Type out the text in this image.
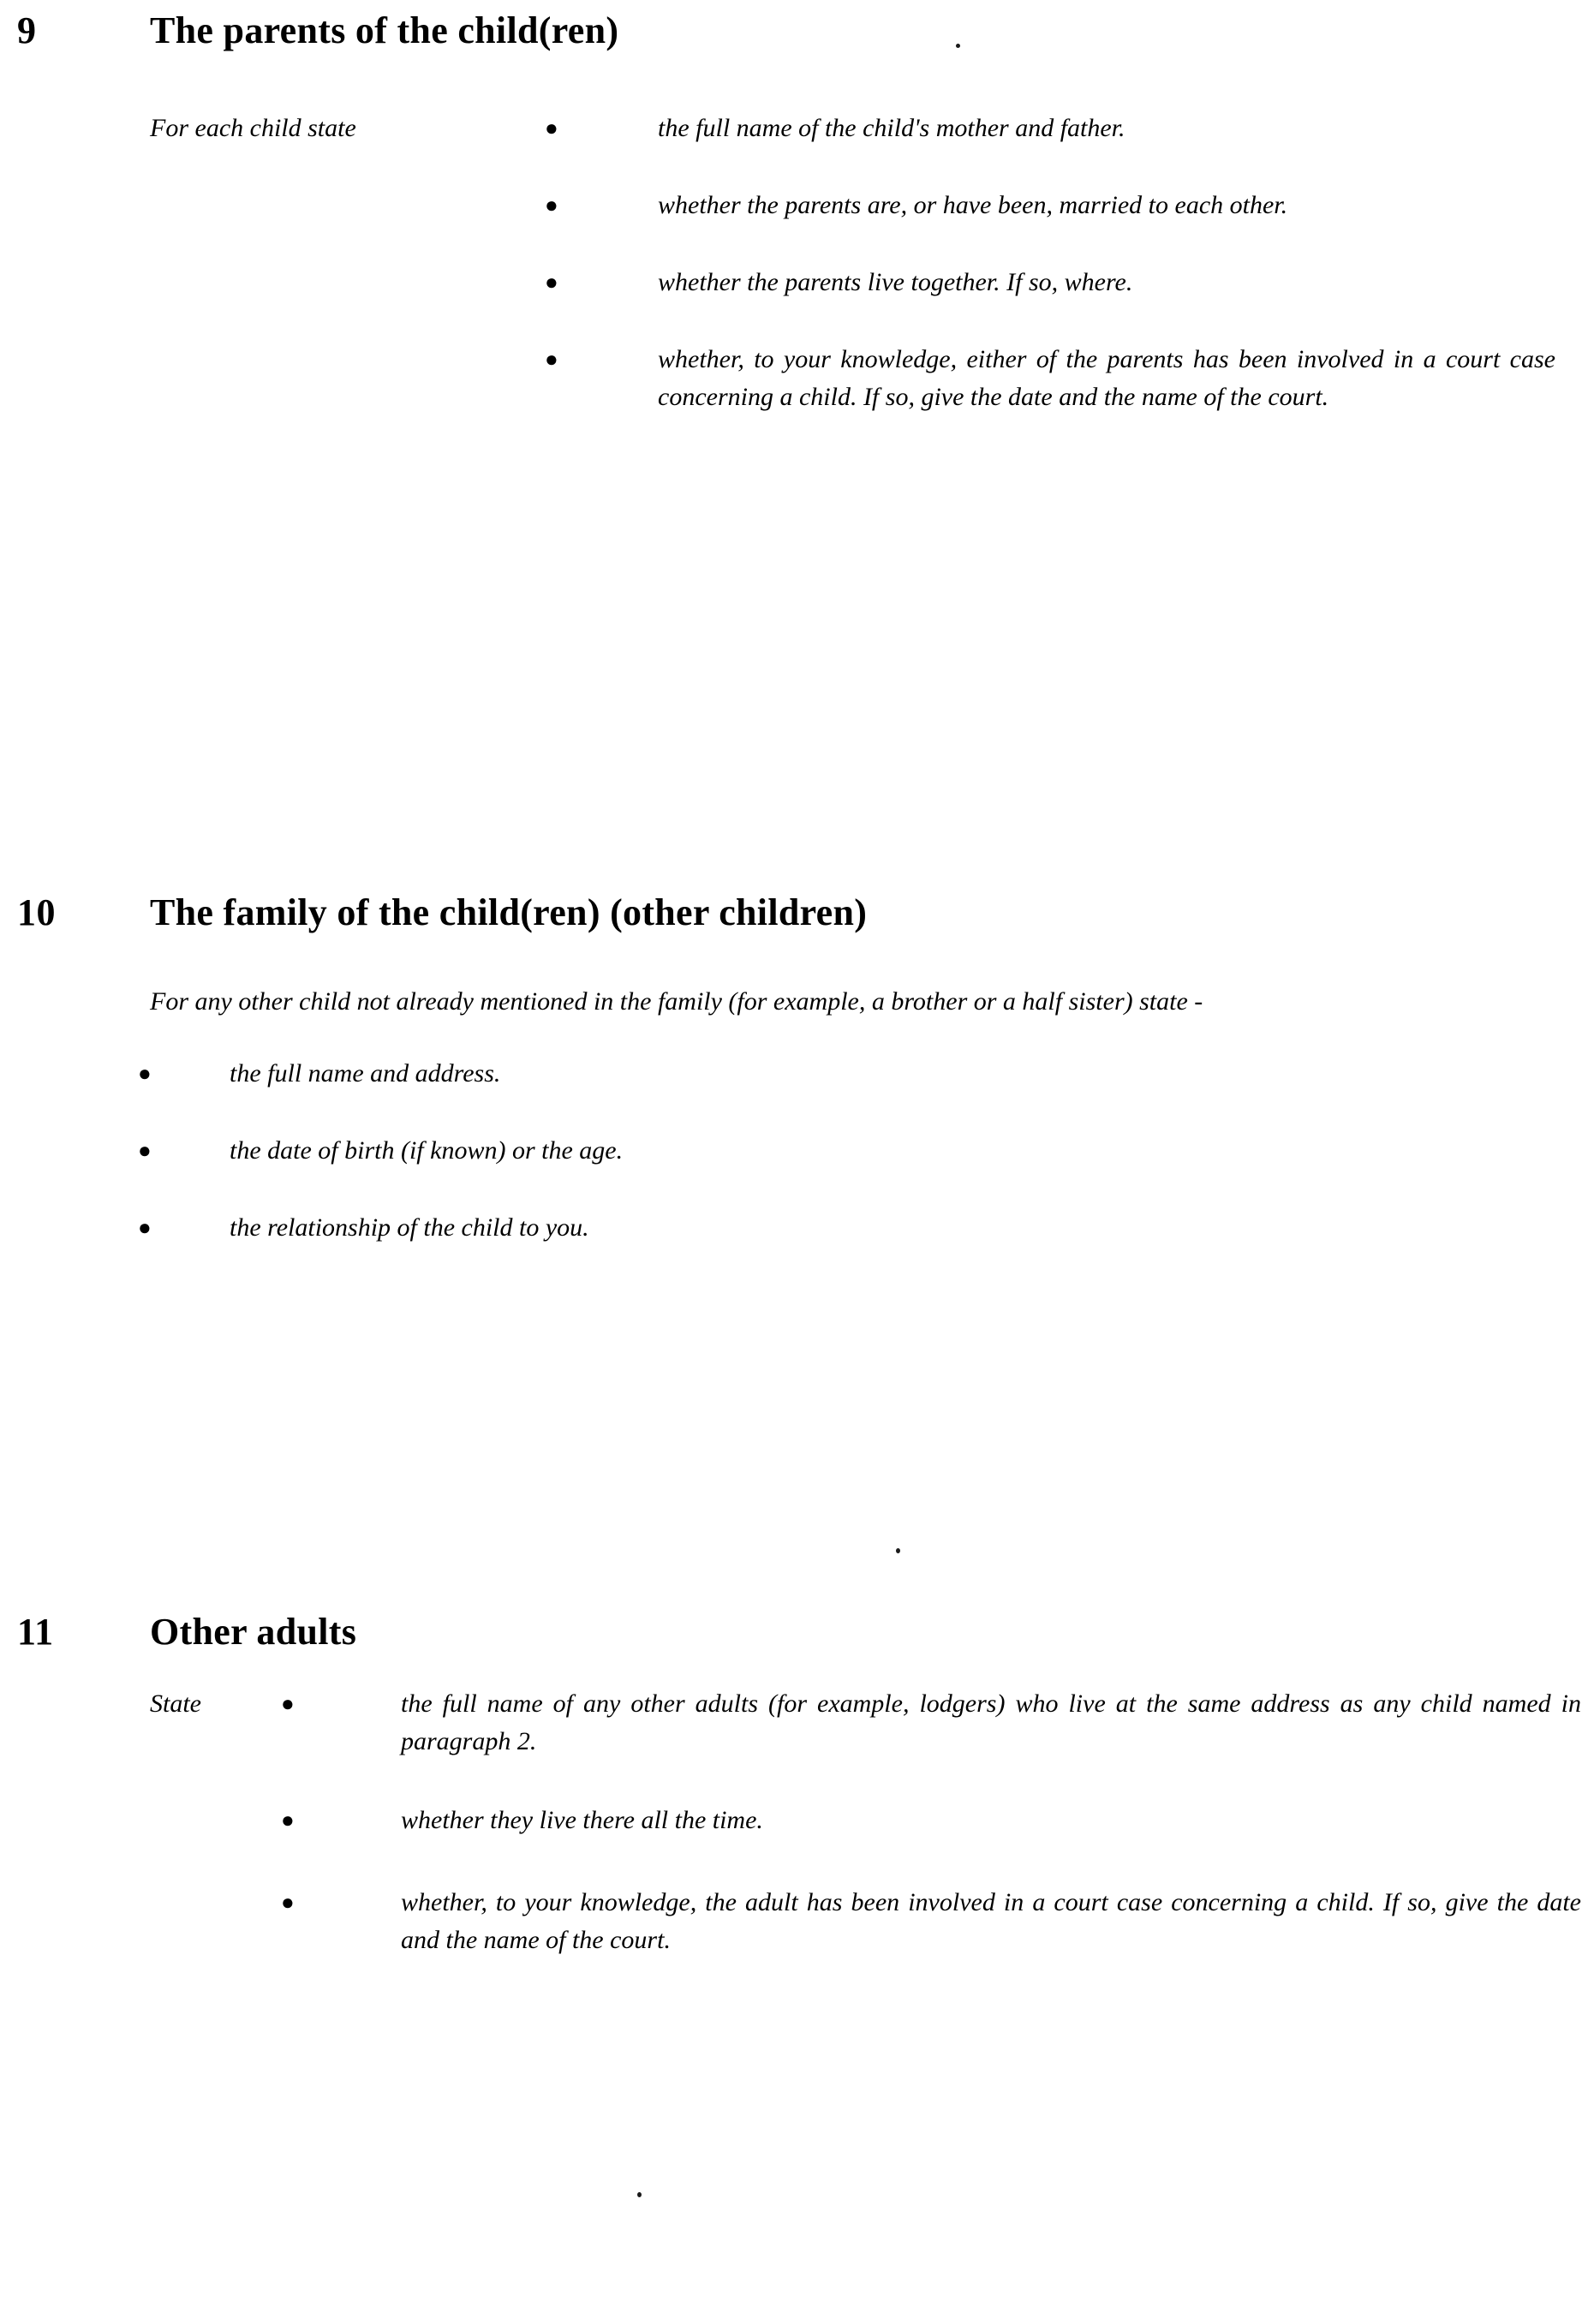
9	The parents of the child(ren)
For each child state	●	the full name of the child's mother and father.
●	whether the parents are, or have been, married to each other.
●	whether the parents live together. If so, where.
●	whether, to your knowledge, either of the parents has been involved in a court case concerning a child. If so, give the date and the name of the court.
10	The family of the child(ren) (other children)
For any other child not already mentioned in the family (for example, a brother or a half sister) state -
●	the full name and address.
●	the date of birth (if known) or the age.
●	the relationship of the child to you.
11	Other adults
State	●	the full name of any other adults (for example, lodgers) who live at the same address as any child named in paragraph 2.
●	whether they live there all the time.
●	whether, to your knowledge, the adult has been involved in a court case concerning a child. If so, give the date and the name of the court.
